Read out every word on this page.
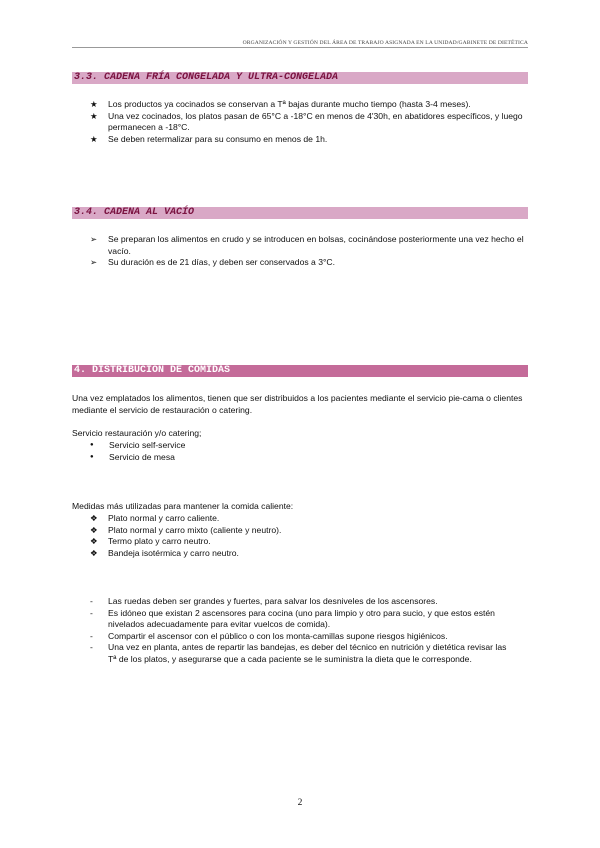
ORGANIZACIÓN Y GESTIÓN DEL ÁREA DE TRABAJO ASIGNADA EN LA UNIDAD/GABINETE DE DIETÉTICA
3.3. CADENA FRÍA CONGELADA Y ULTRA-CONGELADA
★	Los productos ya cocinados se conservan a Tª bajas durante mucho tiempo (hasta 3-4 meses).
★	Una vez cocinados, los platos pasan de 65°C a -18°C en menos de 4'30h, en abatidores específicos, y luego permanecen a -18°C.
★	Se deben retermalizar para su consumo en menos de 1h.
3.4. CADENA AL VACÍO
➢	Se preparan los alimentos en crudo y se introducen en bolsas, cocinándose posteriormente una vez hecho el vacío.
➢	Su duración es de 21 días, y deben ser conservados a 3°C.
4. DISTRIBUCION DE COMIDAS

Una vez emplatados los alimentos, tienen que ser distribuidos a los pacientes mediante el servicio pie-cama o clientes mediante el servicio de restauración o catering.

Servicio restauración y/o catering;

●	Servicio self-service
●	Servicio de mesa

Medidas más utilizadas para mantener la comida caliente:

❖	Plato normal y carro caliente.
❖	Plato normal y carro mixto (caliente y neutro).
❖	Termo plato y carro neutro.
❖	Bandeja isotérmica y carro neutro.
-	Las ruedas deben ser grandes y fuertes, para salvar los desniveles de los ascensores.
-	Es idóneo que existan 2 ascensores para cocina (uno para limpio y otro para sucio, y que estos estén nivelados adecuadamente para evitar vuelcos de comida).
-	Compartir el ascensor con el público o con los monta-camillas supone riesgos higiénicos.
-	Una vez en planta, antes de repartir las bandejas, es deber del técnico en nutrición y dietética revisar las Tª de los platos, y asegurarse que a cada paciente se le suministra la dieta que le corresponde.
2
